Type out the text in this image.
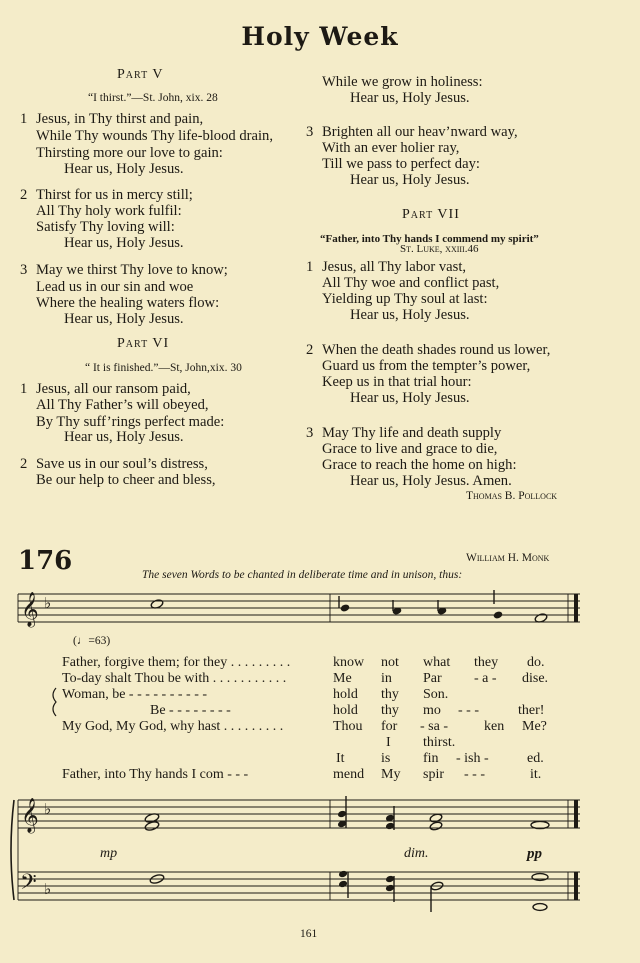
Holy Week
Part V
“I thirst.”—St. John, xix. 28
1 Jesus, in Thy thirst and pain,
While Thy wounds Thy life-blood drain,
Thirsting more our love to gain:
Hear us, Holy Jesus.
2 Thirst for us in mercy still;
All Thy holy work fulfil:
Satisfy Thy loving will:
Hear us, Holy Jesus.
3 May we thirst Thy love to know;
Lead us in our sin and woe
Where the healing waters flow:
Hear us, Holy Jesus.
Part VI
“ It is finished.”—St, John,xix. 30
1 Jesus, all our ransom paid,
All Thy Father’s will obeyed,
By Thy suff’rings perfect made:
Hear us, Holy Jesus.
2 Save us in our soul’s distress,
Be our help to cheer and bless,
While we grow in holiness:
Hear us, Holy Jesus.
3 Brighten all our heav’nward way,
With an ever holier ray,
Till we pass to perfect day:
Hear us, Holy Jesus.
Part VII
“Father, into Thy hands I commend my spirit”
St. Luke, xxiii.46
1 Jesus, all Thy labor vast,
All Thy woe and conflict past,
Yielding up Thy soul at last:
Hear us, Holy Jesus.
2 When the death shades round us lower,
Guard us from the tempter’s power,
Keep us in that trial hour:
Hear us, Holy Jesus.
3 May Thy life and death supply
Grace to live and grace to die,
Grace to reach the home on high:
Hear us, Holy Jesus. Amen.
Thomas B. Pollock
176	William H. Monk
The seven Words to be chanted in deliberate time and in unison, thus:
𝄞
𝄞
𝄢
♭
♭
♭
(♩=63)
Father, forgive them; for they . . . . . . . . .	know not what they do.
To-day shalt Thou be with . . . . . . . . . . .	Me in Par - a - dise.
Woman, be - - - - - - - - - -	hold thy Son.
Be - - - - - - - -	hold thy mo - - -	ther!
My God, My God, why hast . . . . . . . . .	Thou for - sa -	ken Me?
I thirst.
It	is fin - ish -	ed.
Father, into Thy hands I com - - -	mend My spir - - -	it.
mp	dim.	pp
161
